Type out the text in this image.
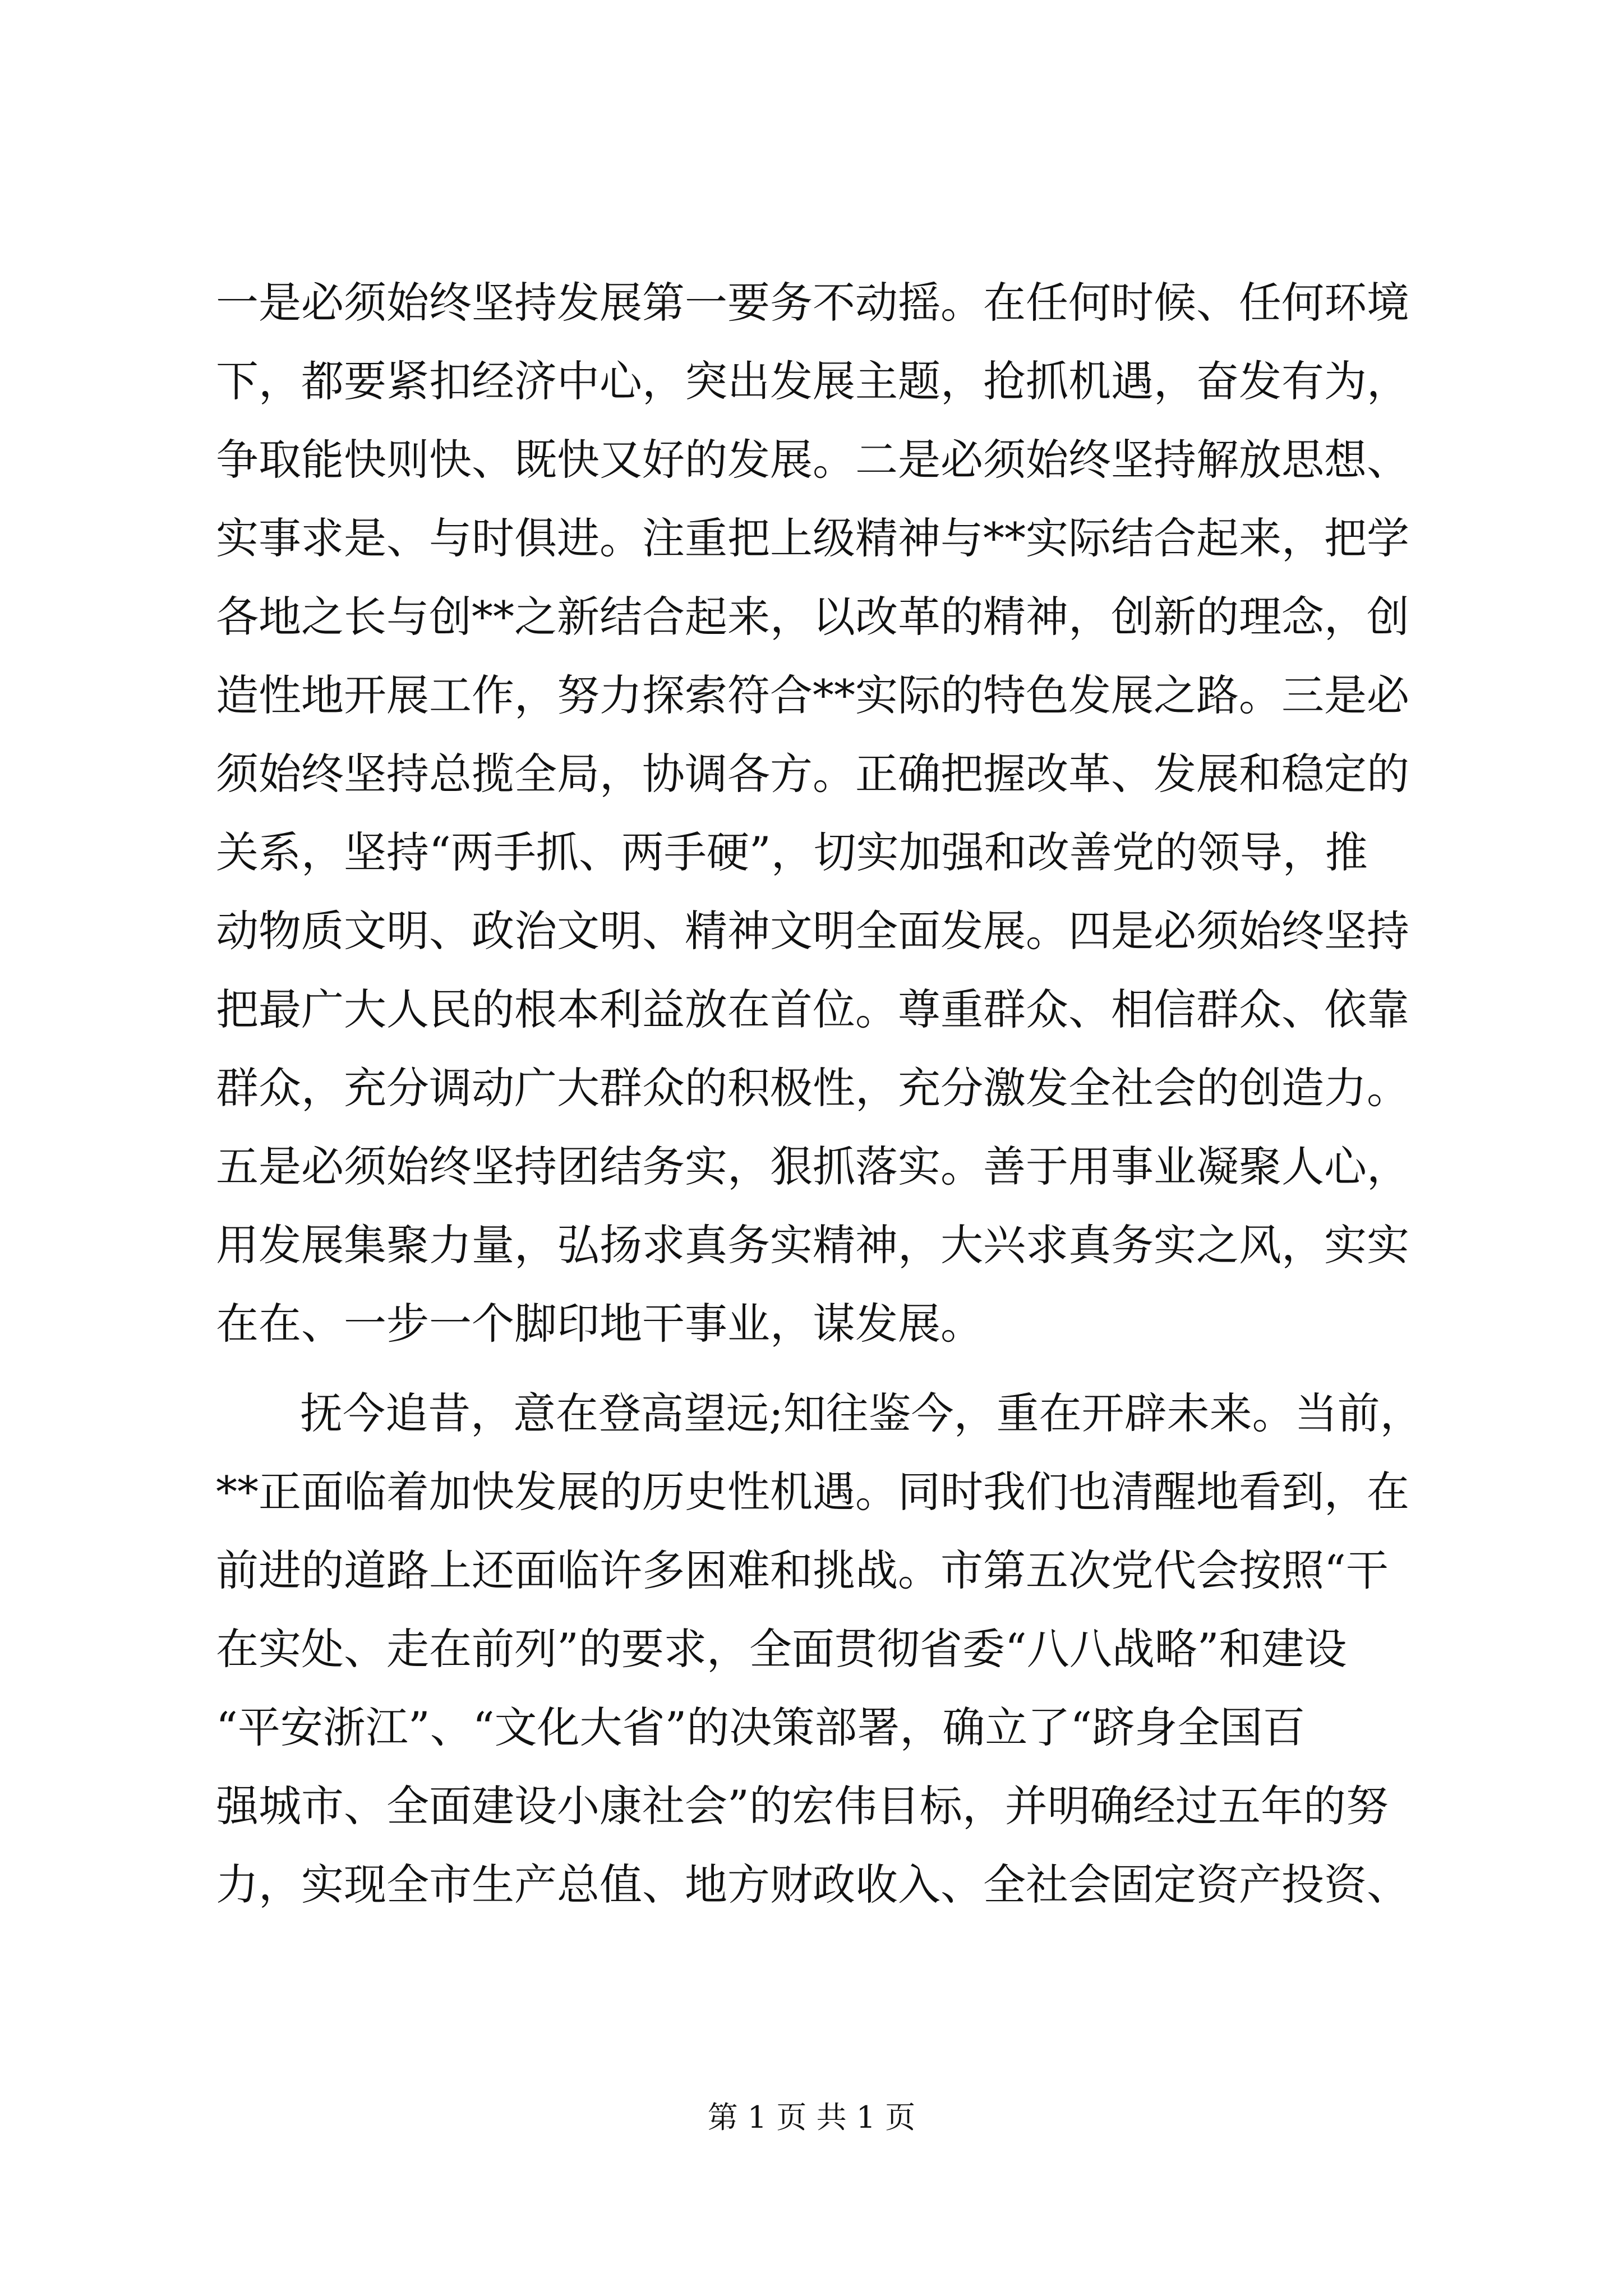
一是必须始终坚持发展第一要务不动摇。在任何时候、任何环境
下，都要紧扣经济中心，突出发展主题，抢抓机遇，奋发有为，
争取能快则快、既快又好的发展。二是必须始终坚持解放思想、
实事求是、与时俱进。注重把上级精神与**实际结合起来，把学
各地之长与创**之新结合起来，以改革的精神，创新的理念，创
造性地开展工作，努力探索符合**实际的特色发展之路。三是必
须始终坚持总揽全局，协调各方。正确把握改革、发展和稳定的
关系，坚持“两手抓、两手硬”，切实加强和改善党的领导，推
动物质文明、政治文明、精神文明全面发展。四是必须始终坚持
把最广大人民的根本利益放在首位。尊重群众、相信群众、依靠
群众，充分调动广大群众的积极性，充分激发全社会的创造力。
五是必须始终坚持团结务实，狠抓落实。善于用事业凝聚人心，
用发展集聚力量，弘扬求真务实精神，大兴求真务实之风，实实
在在、一步一个脚印地干事业，谋发展。
抚今追昔，意在登高望远;知往鉴今，重在开辟未来。当前，
**正面临着加快发展的历史性机遇。同时我们也清醒地看到，在
前进的道路上还面临许多困难和挑战。市第五次党代会按照“干
在实处、走在前列”的要求，全面贯彻省委“八八战略”和建设
“平安浙江”、“文化大省”的决策部署，确立了“跻身全国百
强城市、全面建设小康社会”的宏伟目标，并明确经过五年的努
力，实现全市生产总值、地方财政收入、全社会固定资产投资、
第 1 页 共 1 页
